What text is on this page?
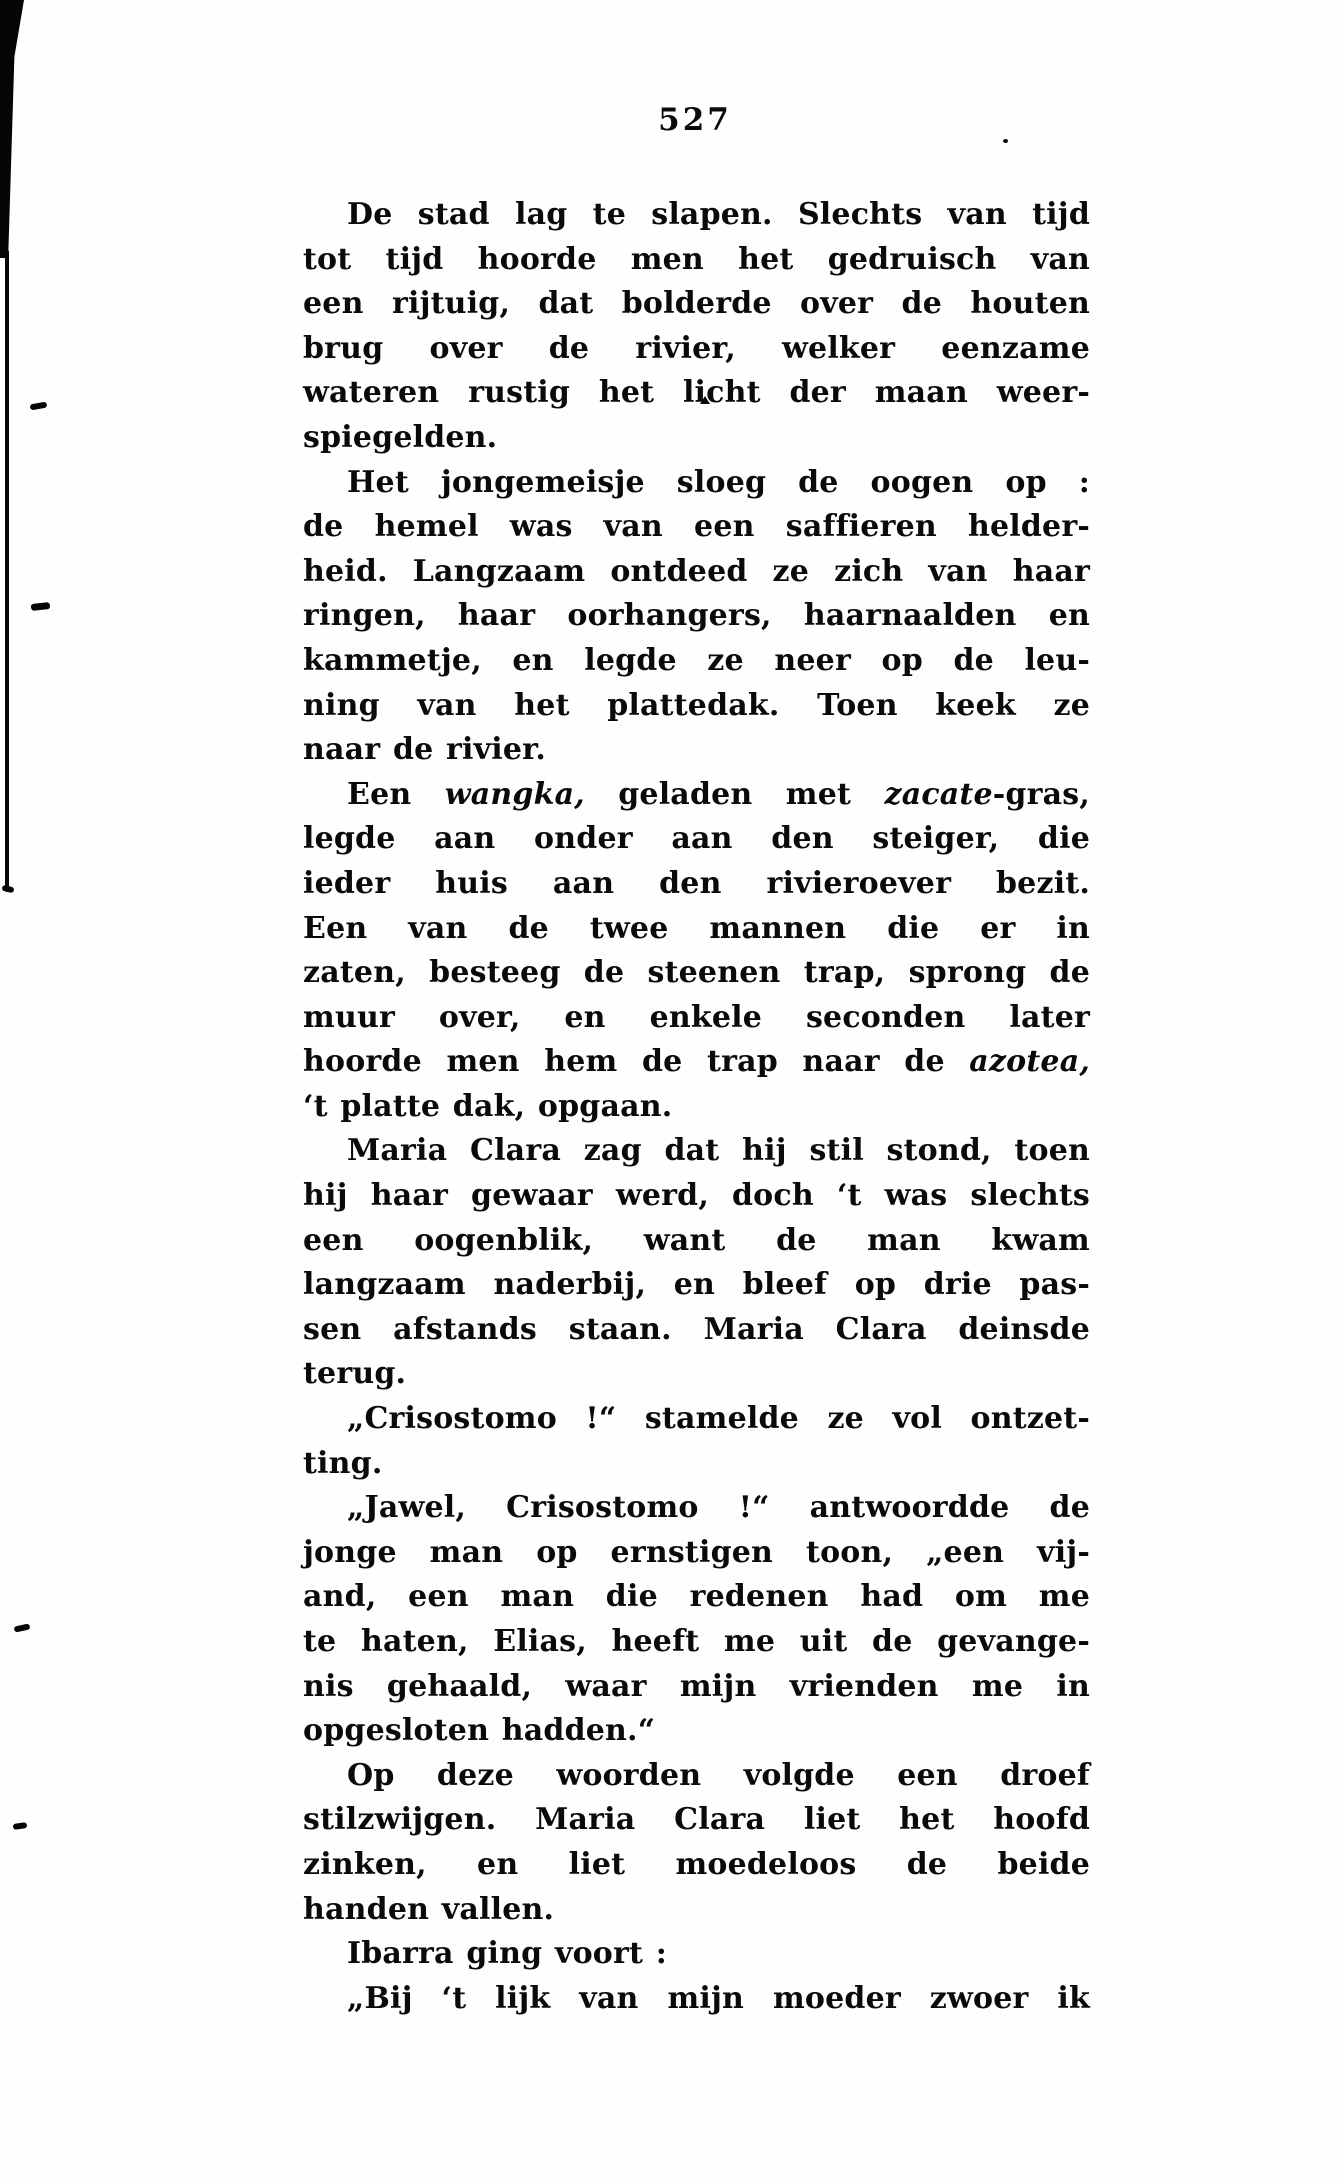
527
De stad lag te slapen. Slechts van tijd
tot tijd hoorde men het gedruisch van
een rijtuig, dat bolderde over de houten
brug over de rivier, welker eenzame
wateren rustig het licht der maan weer-
spiegelden.
Het jongemeisje sloeg de oogen op :
de hemel was van een saffieren helder-
heid. Langzaam ontdeed ze zich van haar
ringen, haar oorhangers, haarnaalden en
kammetje, en legde ze neer op de leu-
ning van het plattedak. Toen keek ze
naar de rivier.
Een wangka, geladen met zacate-gras,
legde aan onder aan den steiger, die
ieder huis aan den rivieroever bezit.
Een van de twee mannen die er in
zaten, besteeg de steenen trap, sprong de
muur over, en enkele seconden later
hoorde men hem de trap naar de azotea,
‘t platte dak, opgaan.
Maria Clara zag dat hij stil stond, toen
hij haar gewaar werd, doch ‘t was slechts
een oogenblik, want de man kwam
langzaam naderbij, en bleef op drie pas-
sen afstands staan. Maria Clara deinsde
terug.
„Crisostomo !“ stamelde ze vol ontzet-
ting.
„Jawel, Crisostomo !“ antwoordde de
jonge man op ernstigen toon, „een vij-
and, een man die redenen had om me
te haten, Elias, heeft me uit de gevange-
nis gehaald, waar mijn vrienden me in
opgesloten hadden.“
Op deze woorden volgde een droef
stilzwijgen. Maria Clara liet het hoofd
zinken, en liet moedeloos de beide
handen vallen.
Ibarra ging voort :
„Bij ‘t lijk van mijn moeder zwoer ik
